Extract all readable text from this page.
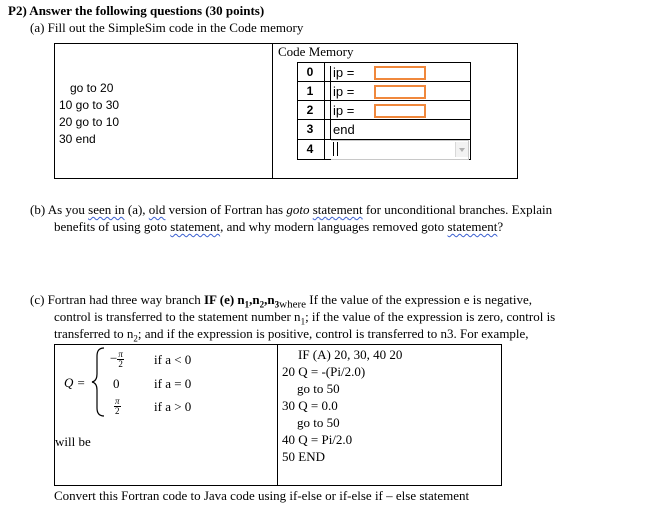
P2) Answer the following questions (30 points)
(a) Fill out the SimpleSim code in the Code memory
go to 20
10 go to 30
20 go to 10
30 end
Code Memory
0
1
2
3
4
ip =
ip =
ip =
end
(b) As you seen in (a), old version of Fortran has goto statement for unconditional branches. Explain
benefits of using goto statement, and why modern languages removed goto statement?
(c) Fortran had three way branch IF (e) $n_1,n_2,n_{3where}$ If the value of the expression e is negative,
control is transferred to the statement number $n_1$; if the value of the expression is zero, control is
transferred to $n_2$; and if the expression is positive, control is transferred to n3. For example,
Q =
− $\frac{\pi}{2}$ if a < 0
0	if a = 0
$\frac{\pi}{2}$	if a > 0
will be
IF (A) 20, 30, 40 20
20 Q = -(Pi/2.0)
go to 50
30 Q = 0.0
go to 50
40 Q = Pi/2.0
50 END
Convert this Fortran code to Java code using if-else or if-else if – else statement
